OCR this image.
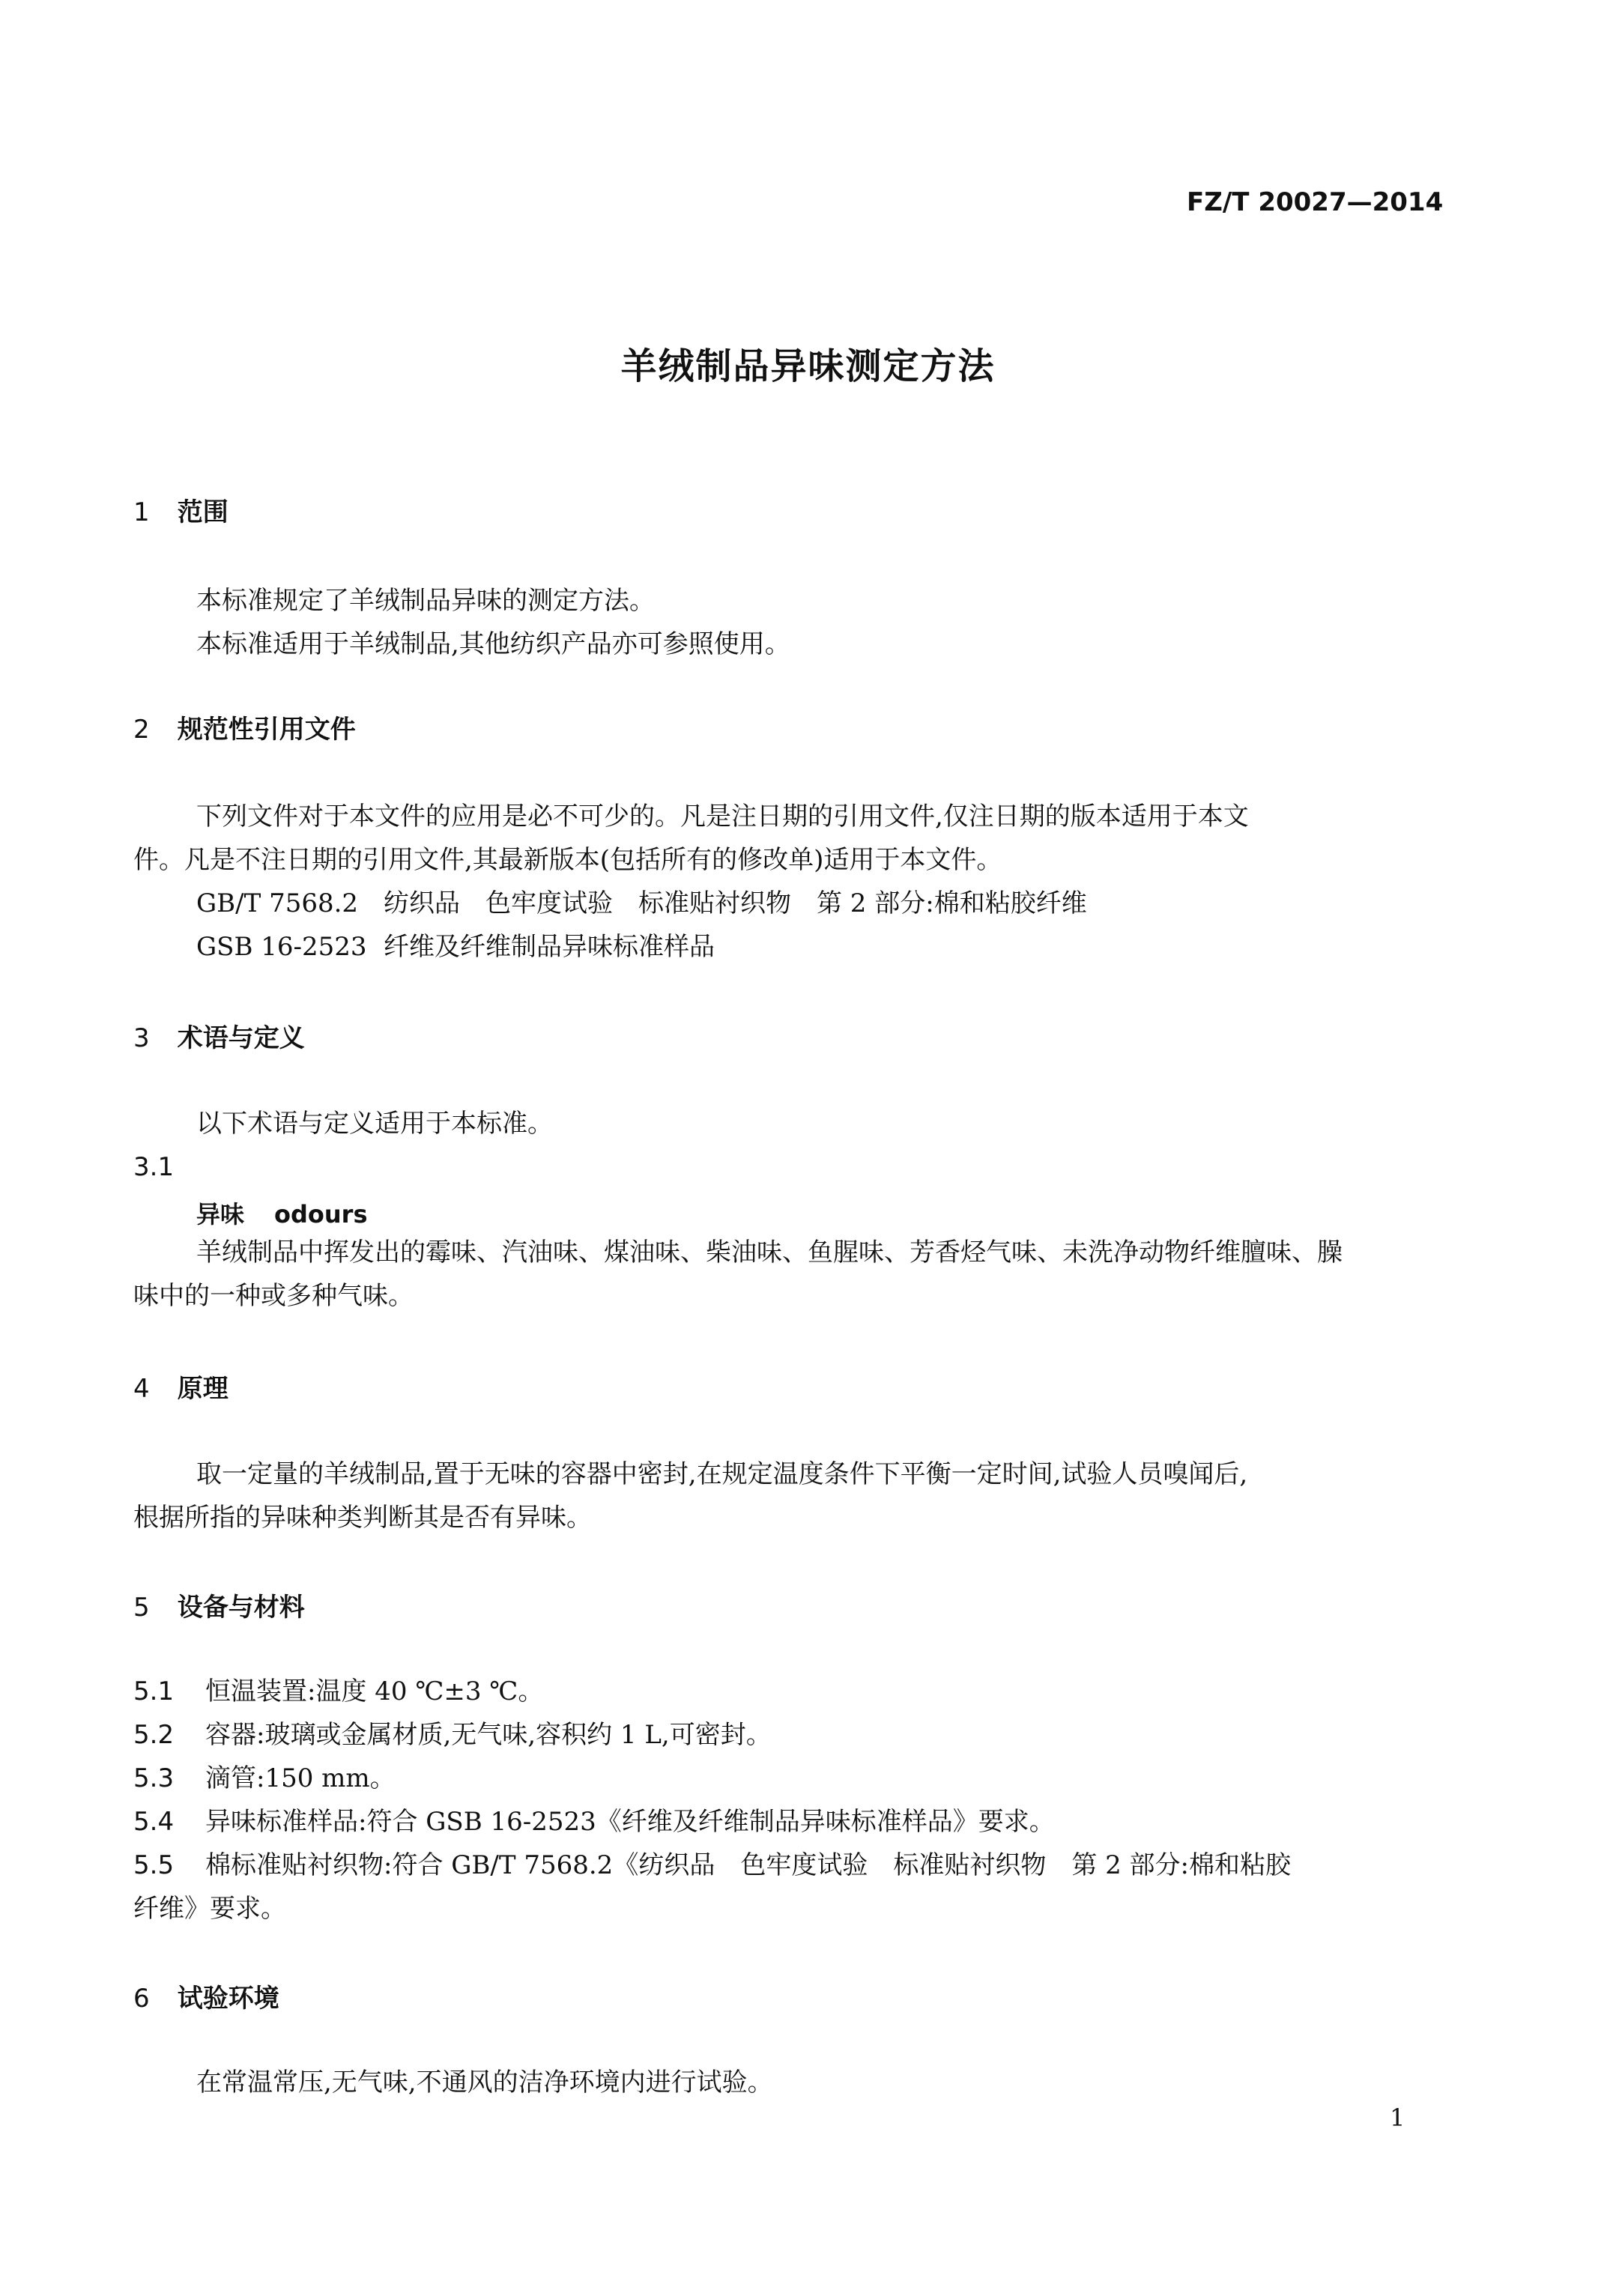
FZ/T 20027—2014
羊绒制品异味测定方法
1 范围
本标准规定了羊绒制品异味的测定方法。
本标准适用于羊绒制品,其他纺织产品亦可参照使用。
2 规范性引用文件
下列文件对于本文件的应用是必不可少的。凡是注日期的引用文件,仅注日期的版本适用于本文
件。凡是不注日期的引用文件,其最新版本(包括所有的修改单)适用于本文件。
GB/T 7568.2 纺织品　色牢度试验　标准贴衬织物　第 2 部分:棉和粘胶纤维
GSB 16-2523 纤维及纤维制品异味标准样品
3 术语与定义
以下术语与定义适用于本标准。
3.1
异味 odours
羊绒制品中挥发出的霉味、汽油味、煤油味、柴油味、鱼腥味、芳香烃气味、未洗净动物纤维膻味、臊
味中的一种或多种气味。
4 原理
取一定量的羊绒制品,置于无味的容器中密封,在规定温度条件下平衡一定时间,试验人员嗅闻后,
根据所指的异味种类判断其是否有异味。
5 设备与材料
5.1 恒温装置:温度 40 ℃±3 ℃。
5.2 容器:玻璃或金属材质,无气味,容积约 1 L,可密封。
5.3 滴管:150 mm。
5.4 异味标准样品:符合 GSB 16-2523《纤维及纤维制品异味标准样品》要求。
5.5 棉标准贴衬织物:符合 GB/T 7568.2《纺织品　色牢度试验　标准贴衬织物　第 2 部分:棉和粘胶
纤维》要求。
6 试验环境
在常温常压,无气味,不通风的洁净环境内进行试验。
1
